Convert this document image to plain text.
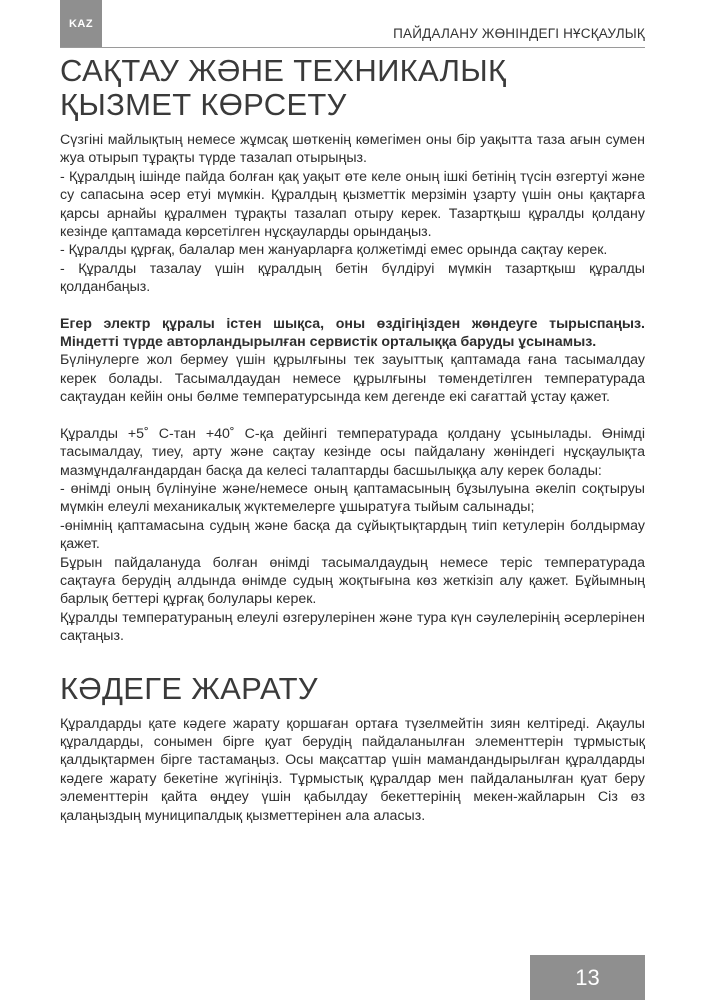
KAZ
ПАЙДАЛАНУ ЖӨНІНДЕГІ НҰСҚАУЛЫҚ
САҚТАУ ЖӘНЕ ТЕХНИКАЛЫҚ ҚЫЗМЕТ КӨРСЕТУ

Сүзгіні майлықтың немесе жұмсақ шөткенің көмегімен оны бір уақытта таза ағын сумен жуа отырып тұрақты түрде тазалап отырыңыз.

- Құралдың ішінде пайда болған қақ уақыт өте келе оның ішкі бетінің түсін өзгертуі және су сапасына әсер етуі мүмкін. Құралдың қызметтік мерзімін ұзарту үшін оны қақтарға қарсы арнайы құралмен тұрақты тазалап отыру керек. Тазартқыш құралды қолдану кезінде қаптамада көрсетілген нұсқауларды орындаңыз.

- Құралды құрғақ, балалар мен жануарларға қолжетімді емес орында сақтау керек.

- Құралды тазалау үшін құралдың бетін бүлдіруі мүмкін тазартқыш құралды қолданбаңыз.

Егер электр құралы істен шықса, оны өздігіңізден жөндеуге тырыспаңыз. Міндетті түрде авторландырылған сервистік орталыққа баруды ұсынамыз.

Бүлінулерге жол бермеу үшін құрылғыны тек зауыттық қаптамада ғана тасымалдау керек болады. Тасымалдаудан немесе құрылғыны төмендетілген температурада сақтаудан кейін оны бөлме температурсында кем дегенде екі сағаттай ұстау қажет.

Құралды +5˚ C-тан +40˚ C-қа дейінгі температурада қолдану ұсынылады. Өнімді тасымалдау, тиеу, арту және сақтау кезінде осы пайдалану жөніндегі нұсқаулықта мазмұндалғандардан басқа да келесі талаптарды басшылыққа алу керек болады:

- өнімді оның бүлінуіне және/немесе оның қаптамасының бұзылуына әкеліп соқтыруы мүмкін елеулі механикалық жүктемелерге ұшыратуға тыйым салынады;

-өнімнің қаптамасына судың және басқа да сұйықтықтардың тиіп кетулерін болдырмау қажет.

Бұрын пайдалануда болған өнімді тасымалдаудың немесе теріс температурада сақтауға берудің алдында өнімде судың жоқтығына көз жеткізіп алу қажет. Бұйымның барлық беттері құрғақ болулары керек.

Құралды температураның елеулі өзгерулерінен және тура күн сәулелерінің әсерлерінен сақтаңыз.

КӘДЕГЕ ЖАРАТУ

Құралдарды қате кәдеге жарату қоршаған ортаға түзелмейтін зиян келтіреді. Ақаулы құралдарды, сонымен бірге қуат берудің пайдаланылған элементтерін тұрмыстық қалдықтармен бірге тастамаңыз. Осы мақсаттар үшін мамандандырылған құралдарды кәдеге жарату бекетіне жүгініңіз. Тұрмыстық құралдар мен пайдаланылған қуат беру элементтерін қайта өңдеу үшін қабылдау бекеттерінің мекен-жайларын Сіз өз қалаңыздың муниципалдық қызметтерінен ала аласыз.

13
